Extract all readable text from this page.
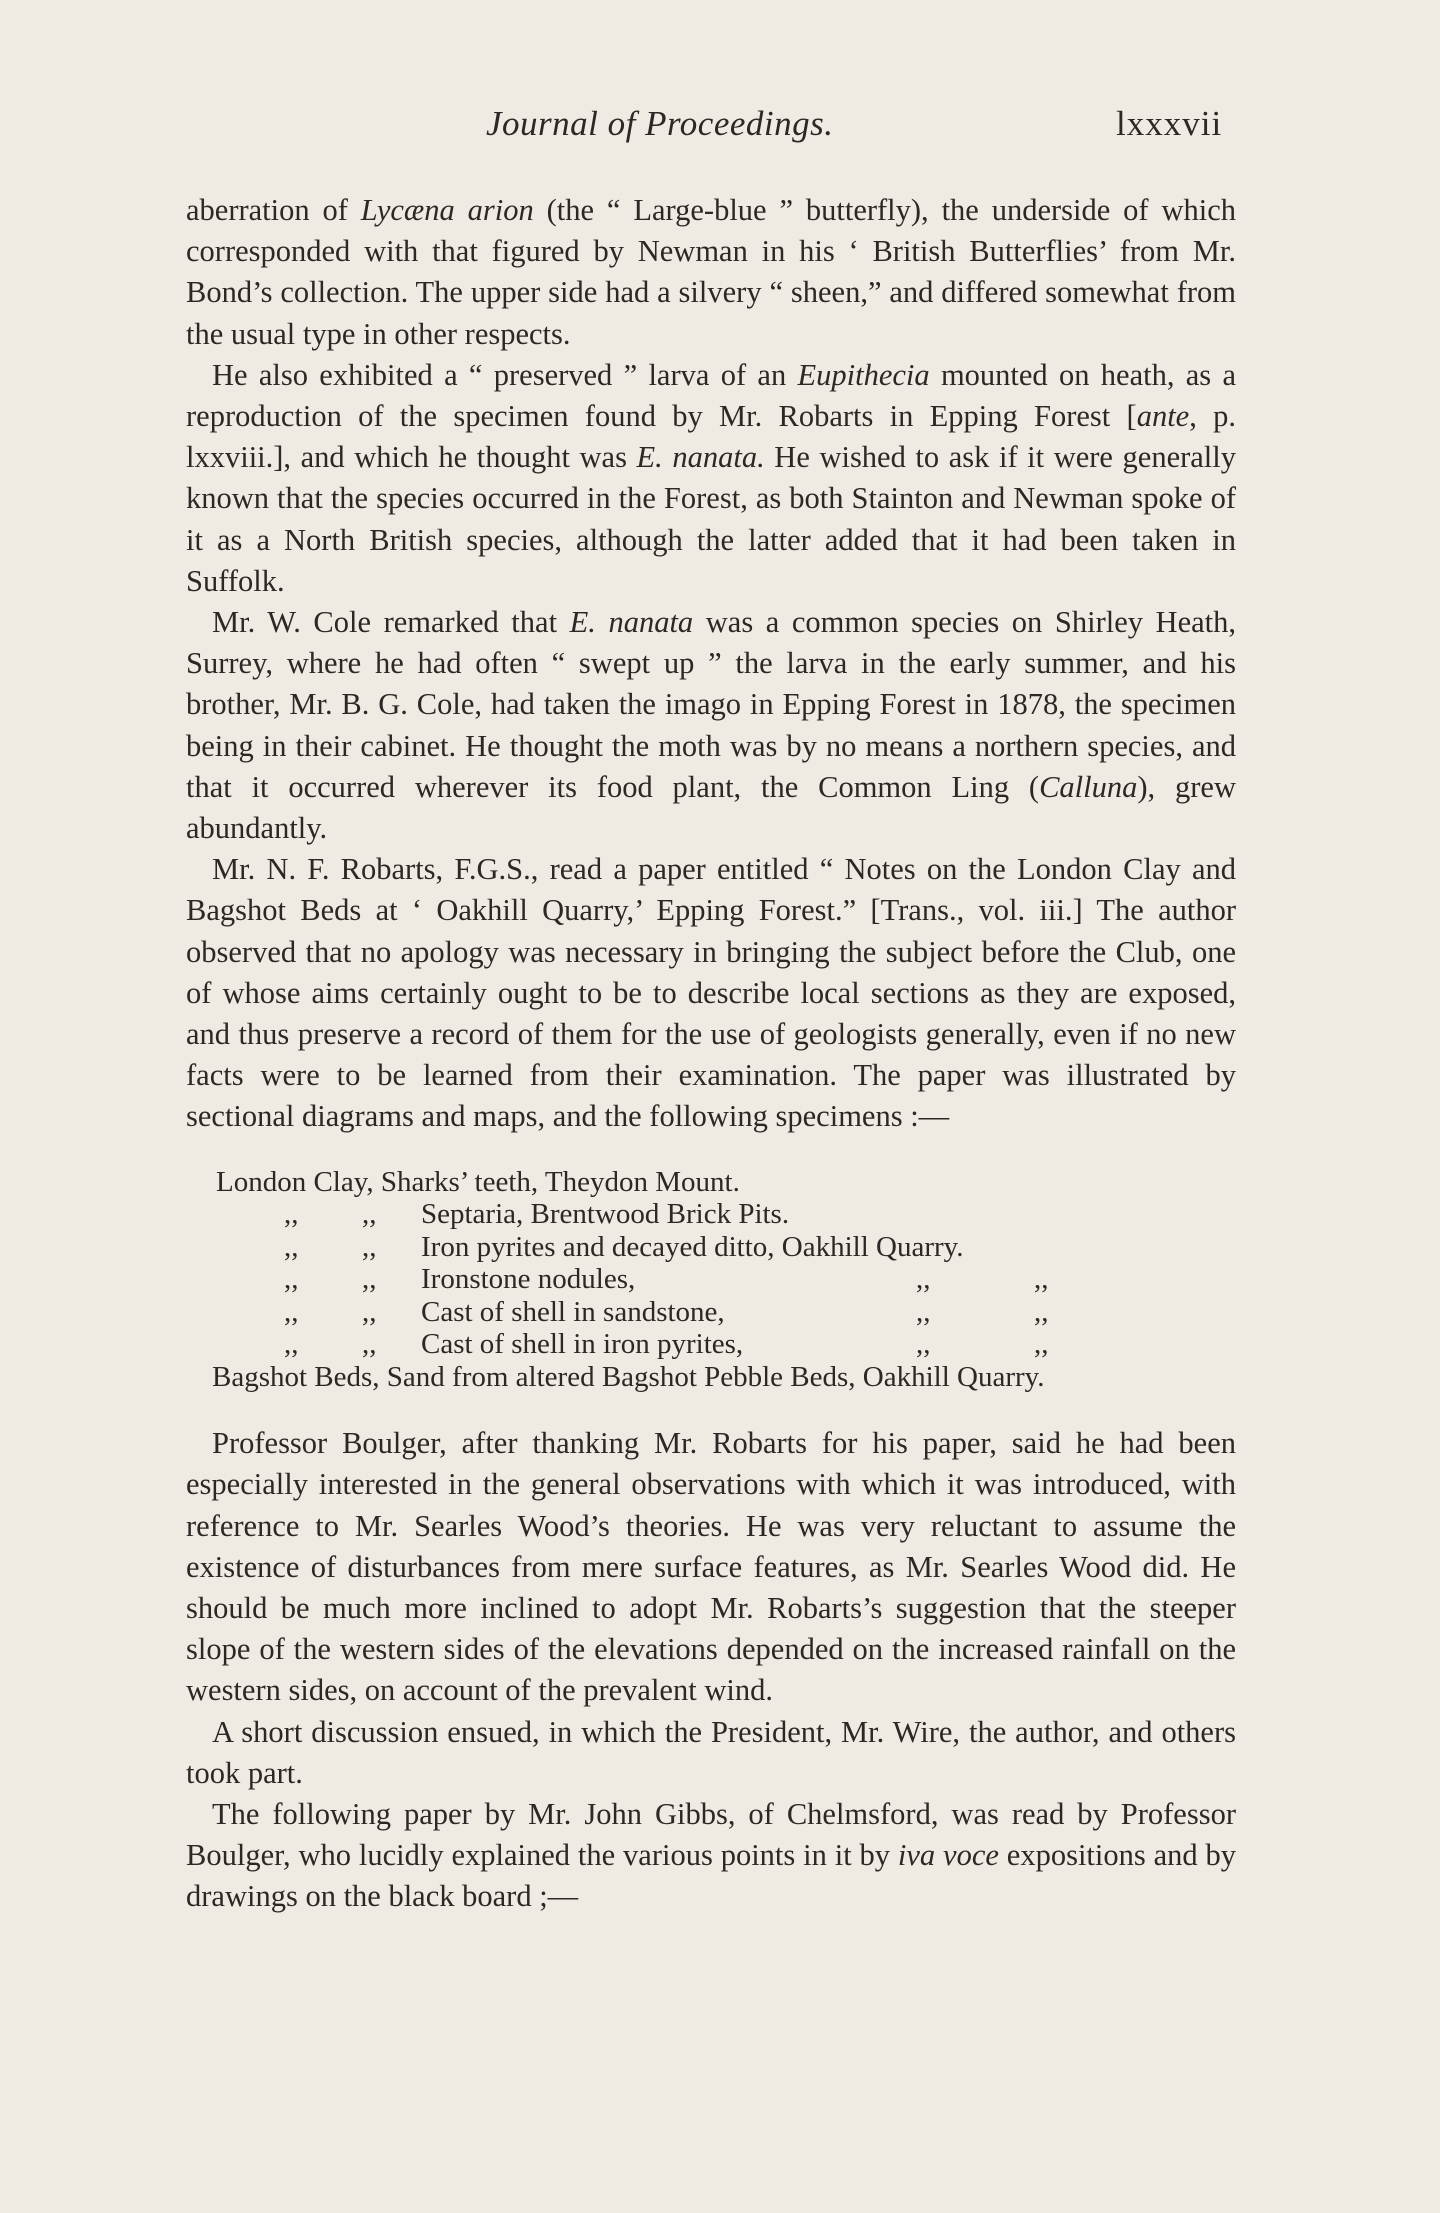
Journal of Proceedings.	lxxxvii

aberration of Lycæna arion (the “ Large-blue ” butterfly), the underside of which corresponded with that figured by Newman in his ‘ British Butterflies’ from Mr. Bond’s collection. The upper side had a silvery “ sheen,” and differed somewhat from the usual type in other respects.

He also exhibited a “ preserved ” larva of an Eupithecia mounted on heath, as a reproduction of the specimen found by Mr. Robarts in Epping Forest [ante, p. lxxviii.], and which he thought was E. nanata. He wished to ask if it were generally known that the species occurred in the Forest, as both Stainton and Newman spoke of it as a North British species, although the latter added that it had been taken in Suffolk.

Mr. W. Cole remarked that E. nanata was a common species on Shirley Heath, Surrey, where he had often “ swept up ” the larva in the early summer, and his brother, Mr. B. G. Cole, had taken the imago in Epping Forest in 1878, the specimen being in their cabinet. He thought the moth was by no means a northern species, and that it occurred wherever its food plant, the Common Ling (Calluna), grew abundantly.

Mr. N. F. Robarts, F.G.S., read a paper entitled “ Notes on the London Clay and Bagshot Beds at ‘ Oakhill Quarry,’ Epping Forest.” [Trans., vol. iii.] The author observed that no apology was necessary in bringing the subject before the Club, one of whose aims certainly ought to be to describe local sections as they are exposed, and thus preserve a record of them for the use of geologists generally, even if no new facts were to be learned from their examination. The paper was illustrated by sectional diagrams and maps, and the following specimens :—

London Clay, Sharks’ teeth, Theydon Mount.
,, ,, Septaria, Brentwood Brick Pits.
,, ,, Iron pyrites and decayed ditto, Oakhill Quarry.
,, ,, Ironstone nodules,	,,	,,
,, ,, Cast of shell in sandstone,	,,	,,
,, ,, Cast of shell in iron pyrites,	,,	,,
Bagshot Beds, Sand from altered Bagshot Pebble Beds, Oakhill Quarry.

Professor Boulger, after thanking Mr. Robarts for his paper, said he had been especially interested in the general observations with which it was introduced, with reference to Mr. Searles Wood’s theories. He was very reluctant to assume the existence of disturbances from mere surface features, as Mr. Searles Wood did. He should be much more inclined to adopt Mr. Robarts’s suggestion that the steeper slope of the western sides of the elevations depended on the increased rainfall on the western sides, on account of the prevalent wind.

A short discussion ensued, in which the President, Mr. Wire, the author, and others took part.

The following paper by Mr. John Gibbs, of Chelmsford, was read by Professor Boulger, who lucidly explained the various points in it by iva voce expositions and by drawings on the black board ;—
